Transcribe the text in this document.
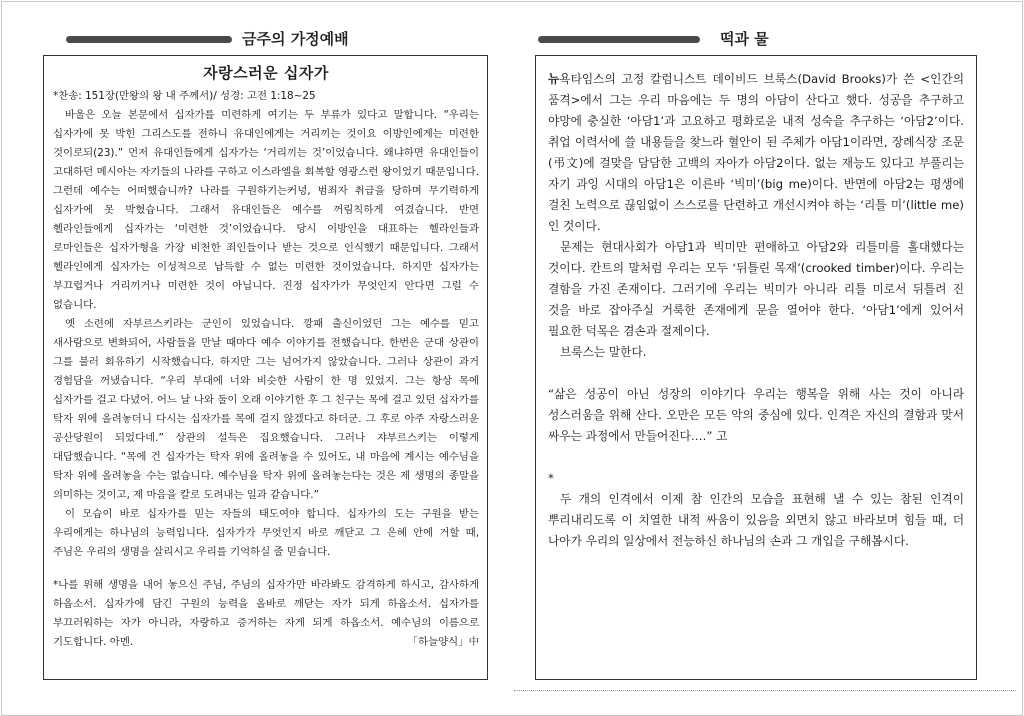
금주의 가정예배	떡과 물
자랑스러운 십자가

*찬송: 151장(만왕의 왕 내 주께서)/ 성경: 고전 1:18~25

바울은 오늘 본문에서 십자가를 미련하게 여기는 두 부류가 있다고 말합니다. “우리는 십자가에 못 박힌 그리스도를 전하니 유대인에게는 거리끼는 것이요 이방인에게는 미련한 것이로되(23).” 먼저 유대인들에게 십자가는 ‘거리끼는 것’이었습니다. 왜냐하면 유대인들이 고대하던 메시아는 자기들의 나라를 구하고 이스라엘을 회복할 영광스런 왕이었기 때문입니다. 그런데 예수는 어떠했습니까? 나라를 구원하기는커녕, 범죄자 취급을 당하며 무기력하게 십자가에 못 박혔습니다. 그래서 유대인들은 예수를 꺼림칙하게 여겼습니다. 반면 헬라인들에게 십자가는 ‘미련한 것’이었습니다. 당시 이방인을 대표하는 헬라인들과 로마인들은 십자가형을 가장 비천한 죄인들이나 받는 것으로 인식했기 때문입니다. 그래서 헬라인에게 십자가는 이성적으로 납득할 수 없는 미련한 것이었습니다. 하지만 십자가는 부끄럽거나 거리끼거나 미련한 것이 아닙니다. 진정 십자가가 무엇인지 안다면 그럴 수 없습니다.

옛 소련에 자부르스키라는 군인이 있었습니다. 깡패 출신이었던 그는 예수를 믿고 새사람으로 변화되어, 사람들을 만날 때마다 예수 이야기를 전했습니다. 한번은 군대 상관이 그를 불러 회유하기 시작했습니다. 하지만 그는 넘어가지 않았습니다. 그러나 상관이 과거 경험담을 꺼냈습니다. “우리 부대에 너와 비슷한 사람이 한 명 있었지. 그는 항상 목에 십자가를 걸고 다녔어. 어느 날 나와 둘이 오래 이야기한 후 그 친구는 목에 걸고 있던 십자가를 탁자 위에 올려놓더니 다시는 십자가를 목에 걸지 않겠다고 하더군. 그 후로 아주 자랑스러운 공산당원이 되었다네.” 상관의 설득은 집요했습니다. 그러나 쟈부르스키는 이렇게 대답했습니다. “목에 건 십자가는 탁자 위에 올려놓을 수 있어도, 내 마음에 계시는 예수님을 탁자 위에 올려놓을 수는 없습니다. 예수님을 탁자 위에 올려놓는다는 것은 제 생명의 종말을 의미하는 것이고, 제 마음을 칼로 도려내는 일과 같습니다.”

이 모습이 바로 십자가를 믿는 자들의 태도여야 합니다. 십자가의 도는 구원을 받는 우리에게는 하나님의 능력입니다. 십자가가 무엇인지 바로 깨닫고 그 은혜 안에 거할 때, 주님은 우리의 생명을 살리시고 우리를 기억하실 줄 믿습니다.

*나를 위해 생명을 내어 놓으신 주님, 주님의 십자가만 바라봐도 감격하게 하시고, 감사하게 하옵소서. 십자가에 담긴 구원의 능력을 올바로 깨닫는 자가 되게 하옵소서. 십자가를 부끄러워하는 자가 아니라, 자랑하고 증거하는 자게 되게 하옵소서. 예수님의 이름으로 기도합니다. 아멘.	「하늘양식」中

뉴욕타임스의 고정 칼럼니스트 데이비드 브룩스(David Brooks)가 쓴 <인간의 품격>에서 그는 우리 마음에는 두 명의 아담이 산다고 했다. 성공을 추구하고 야망에 충실한 ‘아담1’과 고요하고 평화로운 내적 성숙을 추구하는 ‘아담2’이다. 취업 이력서에 쓸 내용들을 찾느라 혈안이 된 주체가 아담1이라면, 장례식장 조문(弔文)에 걸맞을 담담한 고백의 자아가 아담2이다. 없는 재능도 있다고 부풀리는 자기 과잉 시대의 아담1은 이른바 ‘빅미’(big me)이다. 반면에 아담2는 평생에 걸친 노력으로 끊임없이 스스로를 단련하고 개선시켜야 하는 ‘리틀 미’(little me)인 것이다.

문제는 현대사회가 아담1과 빅미만 편애하고 아담2와 리틀미를 홀대했다는 것이다. 칸트의 말처럼 우리는 모두 ‘뒤틀린 목재’(crooked timber)이다. 우리는 결함을 가진 존재이다. 그러기에 우리는 빅미가 아니라 리틀 미로서 뒤틀려 진 것을 바로 잡아주실 거룩한 존재에게 문을 열어야 한다. ‘아담1’에게 있어서 필요한 덕목은 겸손과 절제이다.

브룩스는 말한다.

“삶은 성공이 아닌 성장의 이야기다 우리는 행복을 위해 사는 것이 아니라 성스러움을 위해 산다. 오만은 모든 악의 중심에 있다. 인격은 자신의 결함과 맞서 싸우는 과정에서 만들어진다….” 고

*

두 개의 인격에서 이제 참 인간의 모습을 표현해 낼 수 있는 참된 인격이 뿌리내리도록 이 치열한 내적 싸움이 있음을 외면치 않고 바라보며 힘들 때, 더 나아가 우리의 일상에서 전능하신 하나님의 손과 그 개입을 구해봅시다.
